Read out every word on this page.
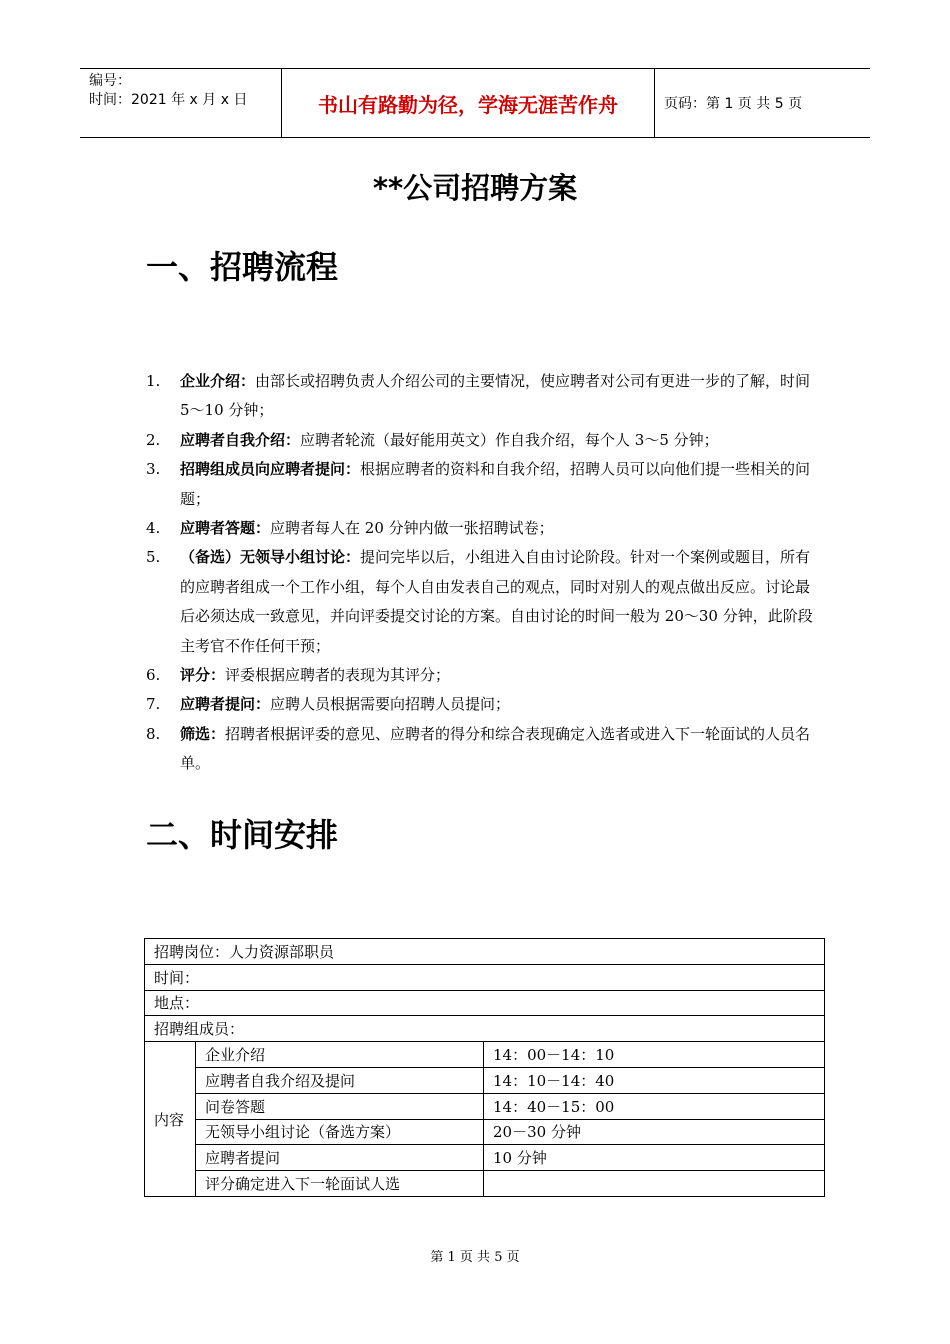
编号：
时间：2021 年 x 月 x 日	书山有路勤为径，学海无涯苦作舟	页码：第 1 页 共 5 页
**公司招聘方案
一、招聘流程
1.	企业介绍：由部长或招聘负责人介绍公司的主要情况，使应聘者对公司有更进一步的了解，时间 5～10 分钟；
2.	应聘者自我介绍：应聘者轮流（最好能用英文）作自我介绍，每个人 3～5 分钟；
3.	招聘组成员向应聘者提问：根据应聘者的资料和自我介绍，招聘人员可以向他们提一些相关的问题；
4.	应聘者答题：应聘者每人在 20 分钟内做一张招聘试卷；
5.	（备选）无领导小组讨论：提问完毕以后，小组进入自由讨论阶段。针对一个案例或题目，所有的应聘者组成一个工作小组，每个人自由发表自己的观点，同时对别人的观点做出反应。讨论最后必须达成一致意见，并向评委提交讨论的方案。自由讨论的时间一般为 20～30 分钟，此阶段主考官不作任何干预；
6.	评分：评委根据应聘者的表现为其评分；
7.	应聘者提问：应聘人员根据需要向招聘人员提问；
8.	筛选：招聘者根据评委的意见、应聘者的得分和综合表现确定入选者或进入下一轮面试的人员名单。
二、时间安排
招聘岗位：人力资源部职员		
时间：		
地点：		
招聘组成员：		
内容	企业介绍	14：00－14：10
	应聘者自我介绍及提问	14：10－14：40
	问卷答题	14：40－15：00
	无领导小组讨论（备选方案）	20－30 分钟
	应聘者提问	10 分钟
	评分确定进入下一轮面试人选	
第 1 页 共 5 页
